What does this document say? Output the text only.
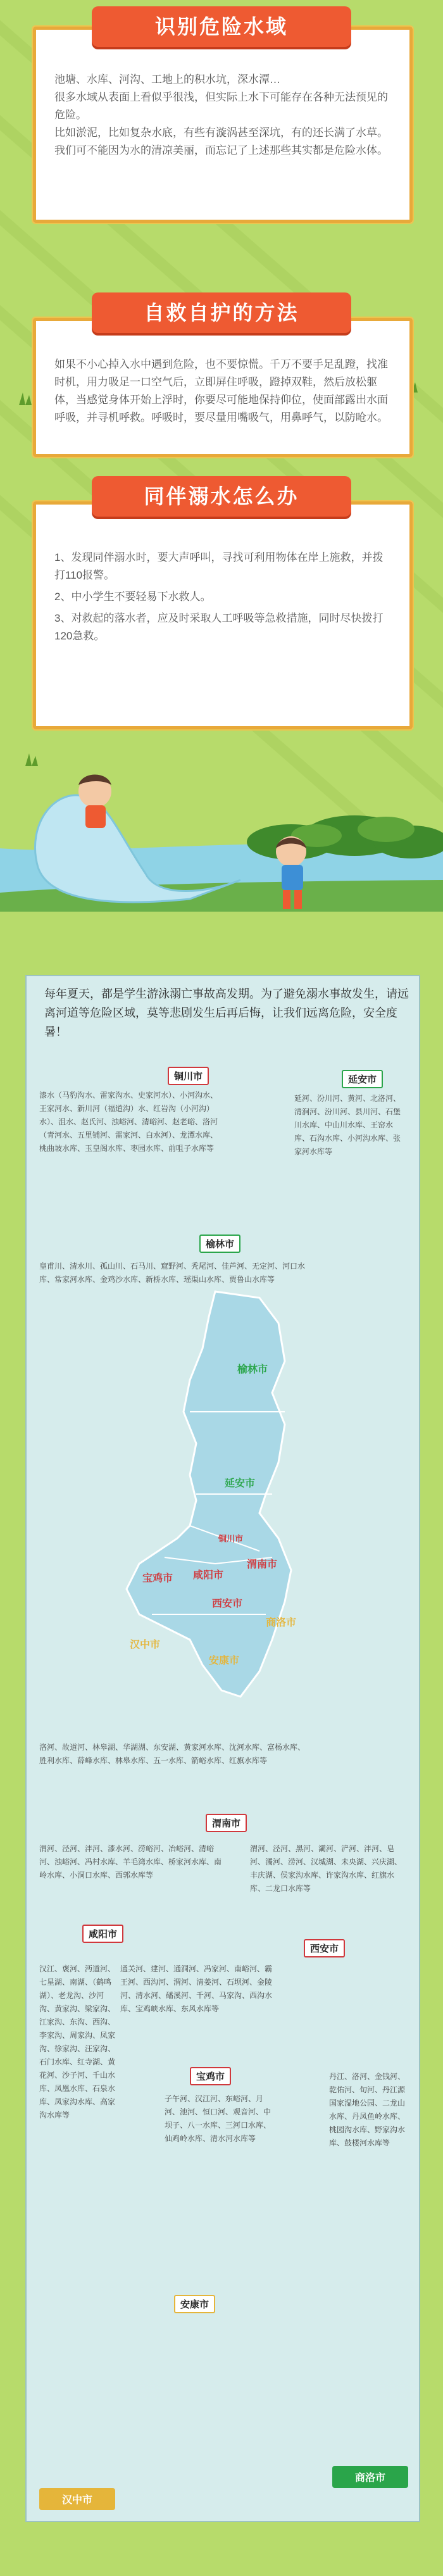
池塘、水库、河沟、工地上的积水坑，深水潭…
很多水域从表面上看似乎很浅，但实际上水下可能存在各种无法预见的危险。
比如淤泥，比如复杂水底，有些有漩涡甚至深坑，有的还长满了水草。
我们可不能因为水的清凉美丽，而忘记了上述那些其实都是危险水体。
识别危险水域
如果不小心掉入水中遇到危险，也不要惊慌。千万不要手足乱蹬，找准时机，用力吸足一口空气后，立即屏住呼吸，蹬掉双鞋，然后放松躯体，当感觉身体开始上浮时，你要尽可能地保持仰位，使面部露出水面呼吸，并寻机呼救。呼吸时，要尽量用嘴吸气，用鼻呼气，以防呛水。
自救自护的方法
1、发现同伴溺水时，要大声呼叫，寻找可利用物体在岸上施救，并拨打110报警。
2、中小学生不要轻易下水救人。
3、对救起的落水者，应及时采取人工呼吸等急救措施，同时尽快拨打120急救。
同伴溺水怎么办
每年夏天，都是学生游泳溺亡事故高发期。为了避免溺水事故发生，请远离河道等危险区域，莫等悲剧发生后再后悔，让我们远离危险，安全度暑！
榆林市
延安市
铜川市
渭南市
咸阳市
宝鸡市
西安市
商洛市
汉中市
安康市
铜川市
漆水（马豹沟水、雷家沟水、史家河水）、小河沟水、王家河水、新川河（福道沟）水、红岩沟（小河沟）水）、沮水、赵氏河、浊峪河、清峪河、赵老峪、洛河（青河水、五里铺河、雷家河、白水河）、龙潭水库、桃曲坡水库、玉皇阁水库、枣园水库、前咀子水库等
延安市
延河、汾川河、黄河、北洛河、清涧河、汾川河、县川河、石堡川水库、中山川水库、王窑水库、石沟水库、小河沟水库、张家河水库等
榆林市
皇甫川、清水川、孤山川、石马川、窟野河、秃尾河、佳芦河、无定河、河口水库、常家河水库、金鸡沙水库、新桥水库、瑶渠山水库、贾鲁山水库等
洛河、故道河、林皋湖、华湖湖、东安湖、黄家河水库、沈河水库、富杨水库、胜利水库、薛峰水库、林皋水库、五一水库、箭峪水库、红旗水库等
渭南市
渭河、泾河、沣河、漆水河、涝峪河、冶峪河、清峪河、浊峪河、冯村水库、羊毛湾水库、桥家河水库、南岭水库、小洞口水库、西郭水库等
咸阳市
渭河、泾河、黑河、灞河、浐河、沣河、皂河、潏河、涝河、汉城湖、未央湖、兴庆湖、丰庆湖、侯家沟水库、许家沟水库、红旗水库、二龙口水库等
西安市
汉江、褒河、沔道河、七星湖、南湖、（鹤鸣湖）、老龙沟、沙河沟、黄家沟、梁家沟、江家沟、东沟、西沟、李家沟、周家沟、凤家沟、徐家沟、汪家沟、石门水库、红寺湖、黄花河、沙子河、千山水库、凤凰水库、石泉水库、凤家沟水库、高家沟水库等
汉中市
通关河、建河、通洞河、冯家河、南峪河、霸王河、西沟河、渭河、清姜河、石坝河、金陵河、清水河、磻溪河、千河、马家沟、西沟水库、宝鸡峡水库、东风水库等
宝鸡市
子午河、汉江河、东峪河、月河、池河、恒口河、观音河、中坝子、八一水库、三河口水库、仙鸡岭水库、清水河水库等
安康市
丹江、洛河、金钱河、乾佑河、旬河、丹江源国家湿地公园、二龙山水库、丹凤鱼岭水库、桃园沟水库、野家沟水库、鼓楼河水库等
商洛市
